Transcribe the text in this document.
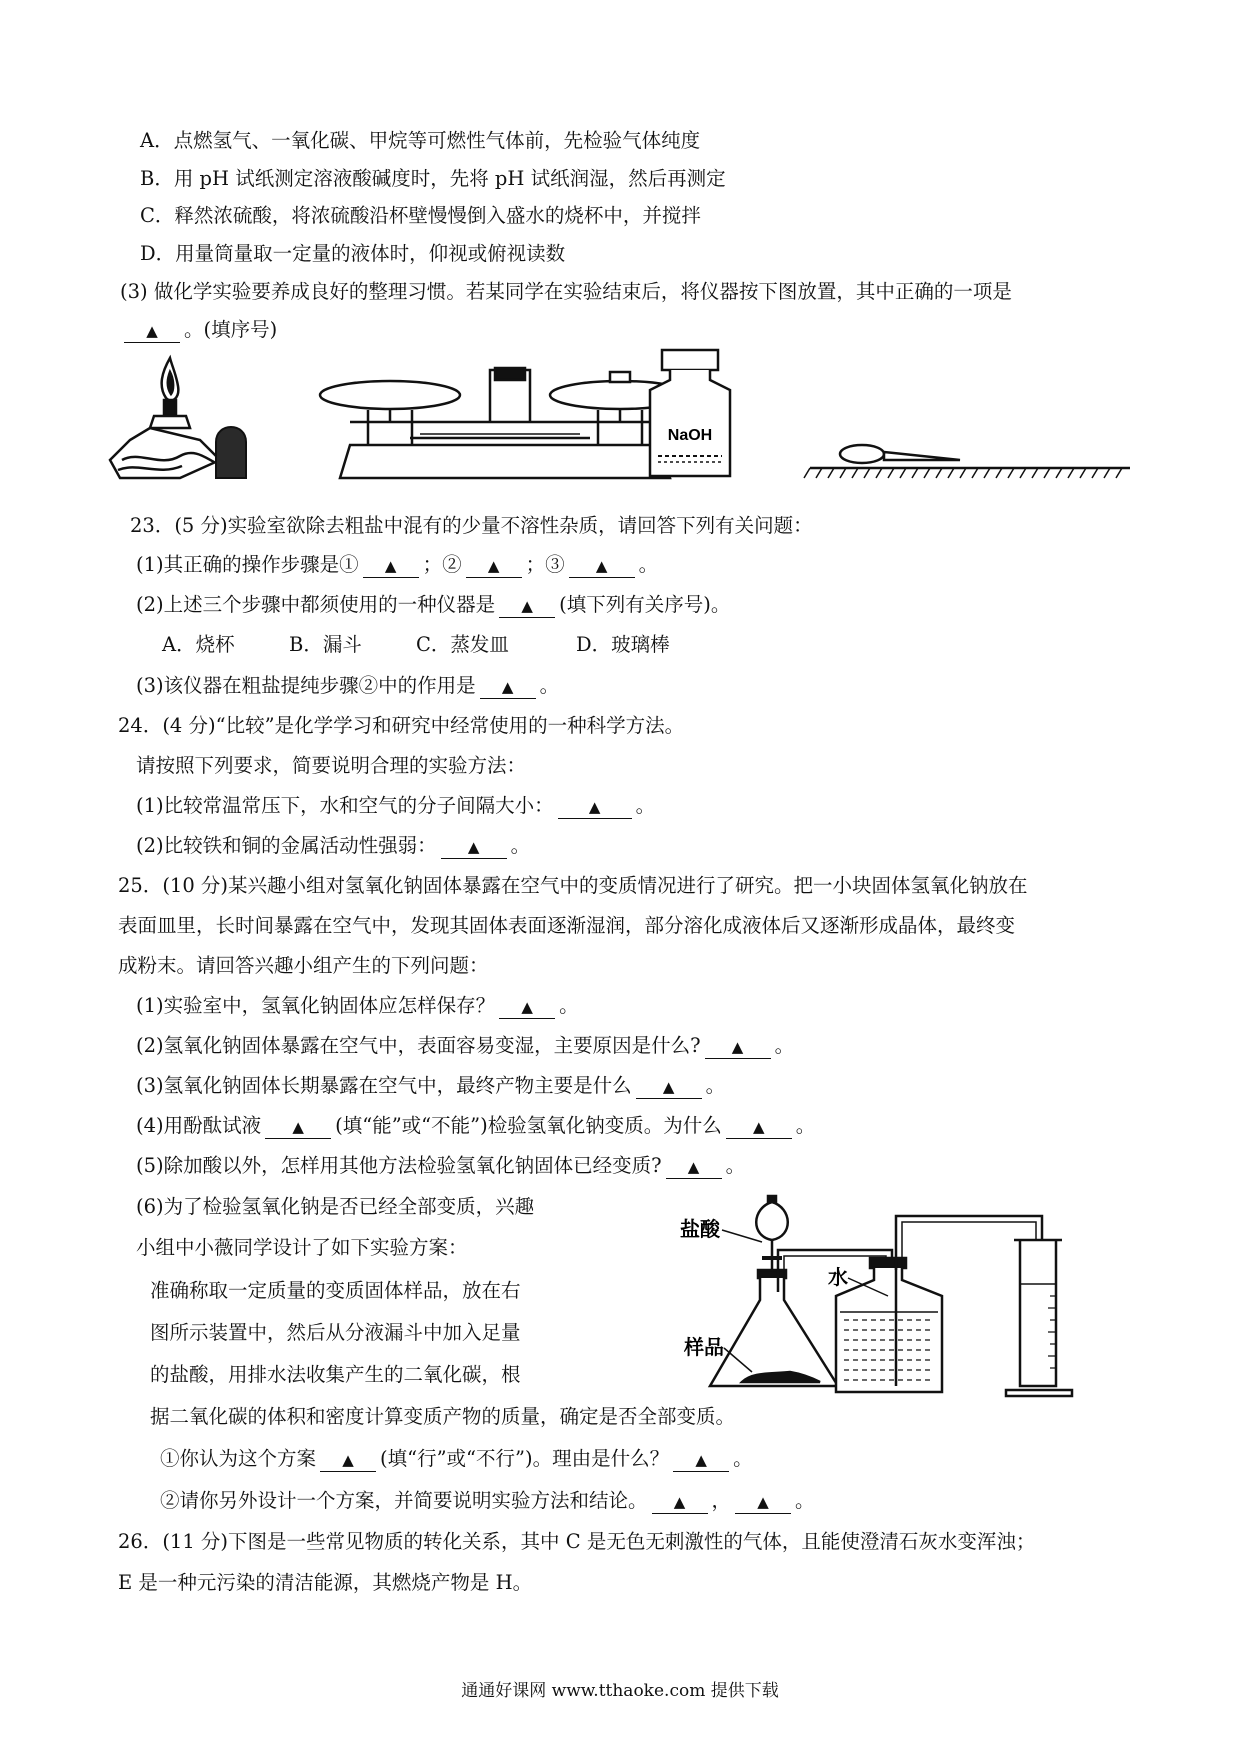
A．点燃氢气、一氧化碳、甲烷等可燃性气体前，先检验气体纯度
B．用 pH 试纸测定溶液酸碱度时，先将 pH 试纸润湿，然后再测定
C．释然浓硫酸，将浓硫酸沿杯壁慢慢倒入盛水的烧杯中，并搅拌
D．用量筒量取一定量的液体时，仰视或俯视读数
(3) 做化学实验要养成良好的整理习惯。若某同学在实验结束后，将仪器按下图放置，其中正确的一项是
▲ 。(填序号)
NaOH
23．(5 分)实验室欲除去粗盐中混有的少量不溶性杂质，请回答下列有关问题：
(1)其正确的操作步骤是① ▲ ；② ▲ ；③ ▲ 。
(2)上述三个步骤中都须使用的一种仪器是 ▲ (填下列有关序号)。
A．烧杯	B．漏斗	C．蒸发皿	D．玻璃棒
(3)该仪器在粗盐提纯步骤②中的作用是 ▲ 。
24．(4 分)“比较”是化学学习和研究中经常使用的一种科学方法。
请按照下列要求，简要说明合理的实验方法：
(1)比较常温常压下，水和空气的分子间隔大小： ▲ 。
(2)比较铁和铜的金属活动性强弱： ▲ 。
25．(10 分)某兴趣小组对氢氧化钠固体暴露在空气中的变质情况进行了研究。把一小块固体氢氧化钠放在
表面皿里，长时间暴露在空气中，发现其固体表面逐渐湿润，部分溶化成液体后又逐渐形成晶体，最终变
成粉末。请回答兴趣小组产生的下列问题：
(1)实验室中，氢氧化钠固体应怎样保存？ ▲ 。
(2)氢氧化钠固体暴露在空气中，表面容易变湿，主要原因是什么? ▲ 。
(3)氢氧化钠固体长期暴露在空气中，最终产物主要是什么 ▲ 。
(4)用酚酞试液 ▲ (填“能”或“不能”)检验氢氧化钠变质。为什么 ▲ 。
(5)除加酸以外，怎样用其他方法检验氢氧化钠固体已经变质? ▲ 。
(6)为了检验氢氧化钠是否已经全部变质，兴趣
小组中小薇同学设计了如下实验方案：
准确称取一定质量的变质固体样品，放在右
图所示装置中，然后从分液漏斗中加入足量
的盐酸，用排水法收集产生的二氧化碳，根
据二氧化碳的体积和密度计算变质产物的质量，确定是否全部变质。
①你认为这个方案 ▲ (填“行”或“不行”)。理由是什么？ ▲ 。
②请你另外设计一个方案，并简要说明实验方法和结论。 ▲ ， ▲ 。
盐酸
水
样品
26．(11 分)下图是一些常见物质的转化关系，其中 C 是无色无刺激性的气体，且能使澄清石灰水变浑浊；
E 是一种元污染的清洁能源，其燃烧产物是 H。
通通好课网 www.tthaoke.com 提供下载
